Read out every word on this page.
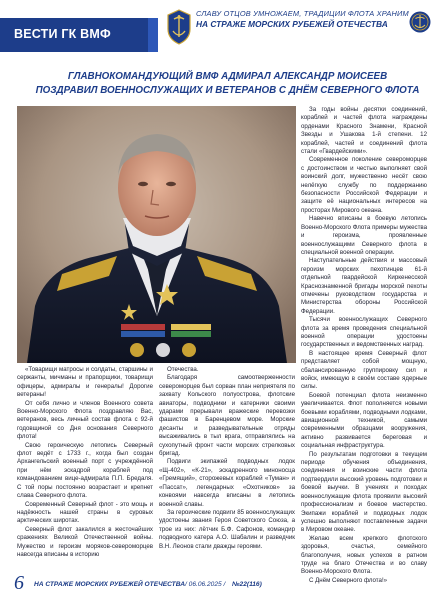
ВЕСТИ ГК ВМФ
СЛАВУ ОТЦОВ УМНОЖАЕМ, ТРАДИЦИИ ФЛОТА ХРАНИМ
НА СТРАЖЕ МОРСКИХ РУБЕЖЕЙ ОТЕЧЕСТВА
ГЛАВНОКОМАНДУЮЩИЙ ВМФ АДМИРАЛ АЛЕКСАНДР МОИСЕЕВ
ПОЗДРАВИЛ ВОЕННОСЛУЖАЩИХ И ВЕТЕРАНОВ С ДНЁМ СЕВЕРНОГО ФЛОТА

За годы войны десятки соединений, кораблей и частей флота награждены орденами Красного Знамени, Красной Звезды и Ушакова 1-й степени. 12 кораблей, частей и соединений флота стали «Гвардейскими».

Современное поколение североморцев с достоинством и честью выполняет свой воинский долг, мужественно несёт свою нелёгкую службу по поддержанию безопасности Российской Федерации и защите её национальных интересов на просторах Мирового океана.

Навечно вписаны в боевую летопись Военно-Морского Флота примеры мужества и героизма, проявленные военнослужащими Северного флота в специальной военной операции.

Наступательные действия и массовый героизм морских пехотинцев 61-й отдельной гвардейской Киркенесской Краснознаменной бригады морской пехоты отмечены руководством государства и Министерства обороны Российской Федерации.

Тысячи военнослужащих Северного флота за время проведения специальной военной операции удостоены государственных и ведомственных наград.

В настоящее время Северный флот представляет собой мощную, сбалансированную группировку сил и войск, имеющую в своём составе ядерные силы.

Боевой потенциал флота неизменно увеличивается. Флот пополняется новыми боевыми кораблями, подводными лодками, авиационной техникой, самыми современными образцами вооружения, активно развивается береговая и социальная инфраструктура.

По результатам подготовки в текущем периоде обучения объединения, соединения и воинские части флота подтвердили высокий уровень подготовки и боевой выучки. В учениях и походах военнослужащие флота проявили высокий профессионализм и боевое мастерство. Экипажи кораблей и подводных лодок успешно выполняют поставленные задачи в Мировом океане.

Желаю всем крепкого флотского здоровья, счастья, семейного благополучия, новых успехов в ратном труде на благо Отечества и во славу Военно-Морского Флота.

С Днём Северного флота!»

«Товарищи матросы и солдаты, старшины и сержанты, мичманы и прапорщики, товарищи офицеры, адмиралы и генералы! Дорогие ветераны!

От себя лично и членов Военного совета Военно-Морского Флота поздравляю Вас, ветеранов, весь личный состав флота с 92-й годовщиной со Дня основания Северного флота!

Свою героическую летопись Северный флот ведёт с 1733 г., когда был создан Архангельский военный порт с учреждённой при нём эскадрой кораблей под командованием вице-адмирала П.П. Бредаля. С той поры постоянно возрастает и крепнет слава Северного флота.

Современный Северный флот - это мощь и надёжность нашей страны в суровых арктических широтах.

Северный флот закалился в жесточайших сражениях Великой Отечественной войны. Мужество и героизм моряков-североморцев навсегда вписаны в историю

Отечества.

Благодаря самоотверженности североморцев был сорван план неприятеля по захвату Кольского полуострова, флотские авиаторы, подводники и катерники своими ударами прерывали вражеские перевозки фашистов в Баренцевом море. Морские десанты и разведывательные отряды высаживались в тыл врага, отправлялись на сухопутный фронт части морских стрелковых бригад.

Подвиги экипажей подводных лодок «Щ-402», «К-21», эскадренного миноносца «Гремящий», сторожевых кораблей «Туман» и «Пассат», легендарных «Охотников» за конвоями навсегда вписаны в летопись военной славы.

За героические подвиги 85 военнослужащих удостоены звания Героя Советского Союза, а трое из них: лётчик Б.Ф. Сафонов, командир подводного катера А.О. Шабалин и разведчик В.Н. Леонов стали дважды героями.

6 НА СТРАЖЕ МОРСКИХ РУБЕЖЕЙ ОТЕЧЕСТВА / 06.06.2025 / №22(116)
